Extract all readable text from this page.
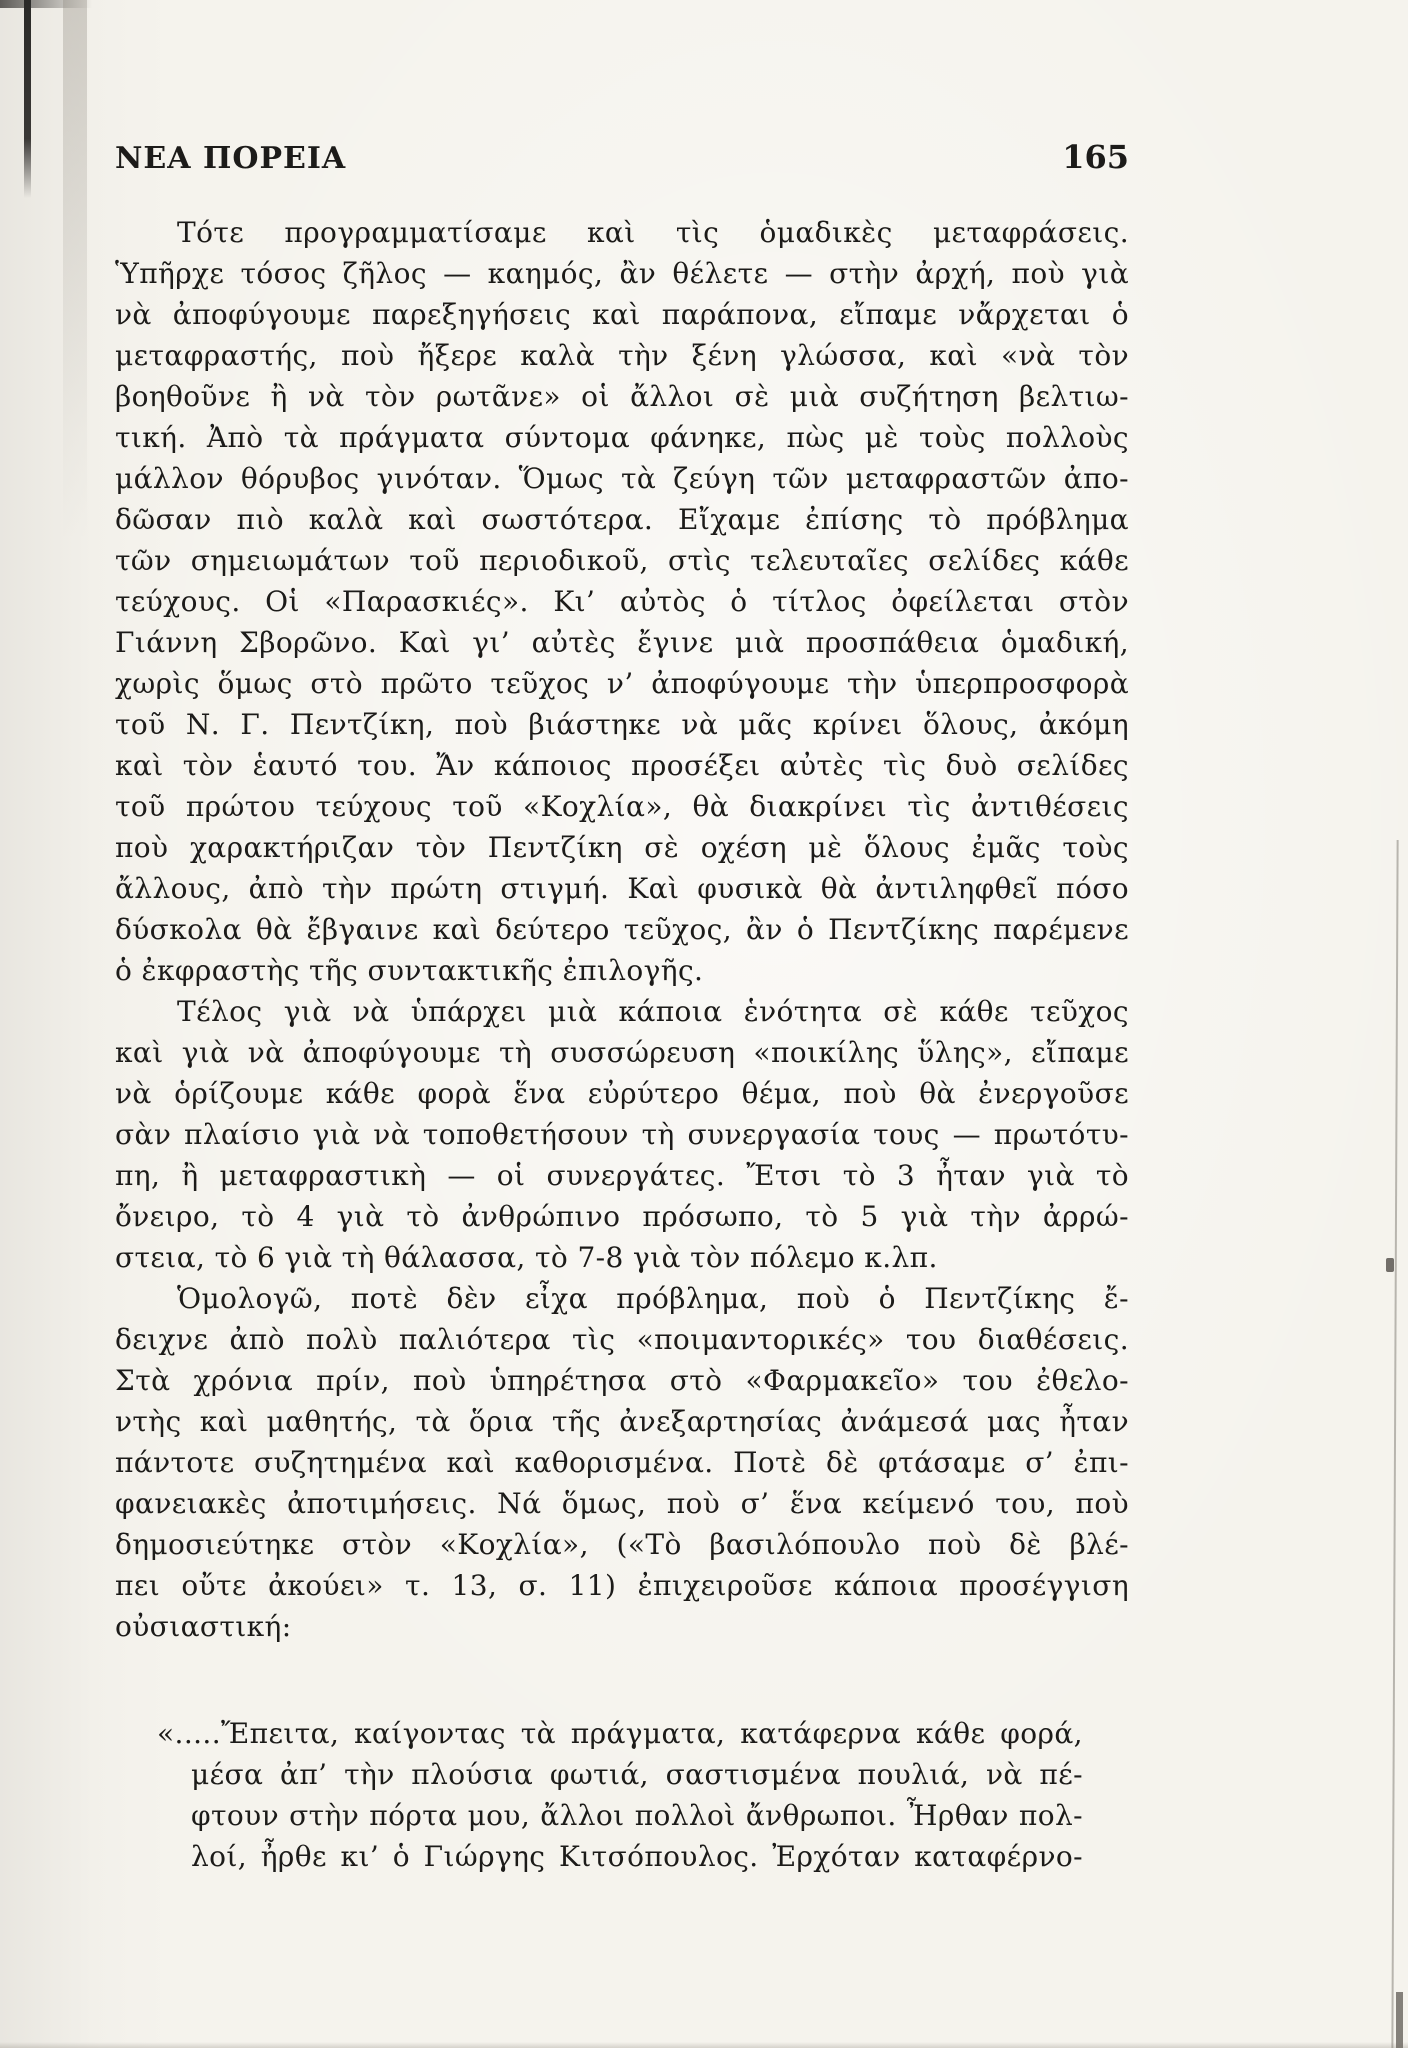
ΝΕΑ ΠΟΡΕΙΑ	165
Τότε προγραμματίσαμε καὶ τὶς ὁμαδικὲς μεταφράσεις.
Ὑπῆρχε τόσος ζῆλος — καημός, ἂν θέλετε — στὴν ἀρχή, ποὺ γιὰ
νὰ ἀποφύγουμε παρεξηγήσεις καὶ παράπονα, εἴπαμε νἄρχεται ὁ
μεταφραστής, ποὺ ἤξερε καλὰ τὴν ξένη γλώσσα, καὶ «νὰ τὸν
βοηθοῦνε ἢ νὰ τὸν ρωτᾶνε» οἱ ἄλλοι σὲ μιὰ συζήτηση βελτιω-
τική. Ἀπὸ τὰ πράγματα σύντομα φάνηκε, πὼς μὲ τοὺς πολλοὺς
μάλλον θόρυβος γινόταν. Ὅμως τὰ ζεύγη τῶν μεταφραστῶν ἀπο-
δῶσαν πιὸ καλὰ καὶ σωστότερα. Εἴχαμε ἐπίσης τὸ πρόβλημα
τῶν σημειωμάτων τοῦ περιοδικοῦ, στὶς τελευταῖες σελίδες κάθε
τεύχους. Οἱ «Παρασκιές». Κι’ αὐτὸς ὁ τίτλος ὀφείλεται στὸν
Γιάννη Σβορῶνο. Καὶ γι’ αὐτὲς ἔγινε μιὰ προσπάθεια ὁμαδική,
χωρὶς ὅμως στὸ πρῶτο τεῦχος ν’ ἀποφύγουμε τὴν ὑπερπροσφορὰ
τοῦ Ν. Γ. Πεντζίκη, ποὺ βιάστηκε νὰ μᾶς κρίνει ὅλους, ἀκόμη
καὶ τὸν ἑαυτό του. Ἄν κάποιος προσέξει αὐτὲς τὶς δυὸ σελίδες
τοῦ πρώτου τεύχους τοῦ «Κοχλία», θὰ διακρίνει τὶς ἀντιθέσεις
ποὺ χαρακτήριζαν τὸν Πεντζίκη σὲ οχέση μὲ ὅλους ἐμᾶς τοὺς
ἄλλους, ἀπὸ τὴν πρώτη στιγμή. Καὶ φυσικὰ θὰ ἀντιληφθεῖ πόσο
δύσκολα θὰ ἔβγαινε καὶ δεύτερο τεῦχος, ἂν ὁ Πεντζίκης παρέμενε
ὁ ἐκφραστὴς τῆς συντακτικῆς ἐπιλογῆς.
Τέλος γιὰ νὰ ὑπάρχει μιὰ κάποια ἑνότητα σὲ κάθε τεῦχος
καὶ γιὰ νὰ ἀποφύγουμε τὴ συσσώρευση «ποικίλης ὕλης», εἴπαμε
νὰ ὁρίζουμε κάθε φορὰ ἕνα εὐρύτερο θέμα, ποὺ θὰ ἐνεργοῦσε
σὰν πλαίσιο γιὰ νὰ τοποθετήσουν τὴ συνεργασία τους — πρωτότυ-
πη, ἢ μεταφραστικὴ — οἱ συνεργάτες. Ἔτσι τὸ 3 ἦταν γιὰ τὸ
ὄνειρο, τὸ 4 γιὰ τὸ ἀνθρώπινο πρόσωπο, τὸ 5 γιὰ τὴν ἀρρώ-
στεια, τὸ 6 γιὰ τὴ θάλασσα, τὸ 7-8 γιὰ τὸν πόλεμο κ.λπ.
Ὁμολογῶ, ποτὲ δὲν εἶχα πρόβλημα, ποὺ ὁ Πεντζίκης ἔ-
δειχνε ἀπὸ πολὺ παλιότερα τὶς «ποιμαντορικές» του διαθέσεις.
Στὰ χρόνια πρίν, ποὺ ὑπηρέτησα στὸ «Φαρμακεῖο» του ἐθελο-
ντὴς καὶ μαθητής, τὰ ὅρια τῆς ἀνεξαρτησίας ἀνάμεσά μας ἦταν
πάντοτε συζητημένα καὶ καθορισμένα. Ποτὲ δὲ φτάσαμε σ’ ἐπι-
φανειακὲς ἀποτιμήσεις. Νά ὅμως, ποὺ σ’ ἕνα κείμενό του, ποὺ
δημοσιεύτηκε στὸν «Κοχλία», («Τὸ βασιλόπουλο ποὺ δὲ βλέ-
πει οὔτε ἀκούει» τ. 13, σ. 11) ἐπιχειροῦσε κάποια προσέγγιση
οὐσιαστική:
«.....Ἔπειτα, καίγοντας τὰ πράγματα, κατάφερνα κάθε φορά,
μέσα ἀπ’ τὴν πλούσια φωτιά, σαστισμένα πουλιά, νὰ πέ-
φτουν στὴν πόρτα μου, ἄλλοι πολλοὶ ἄνθρωποι. Ἦρθαν πολ-
λοί, ἦρθε κι’ ὁ Γιώργης Κιτσόπουλος. Ἐρχόταν καταφέρνο-
